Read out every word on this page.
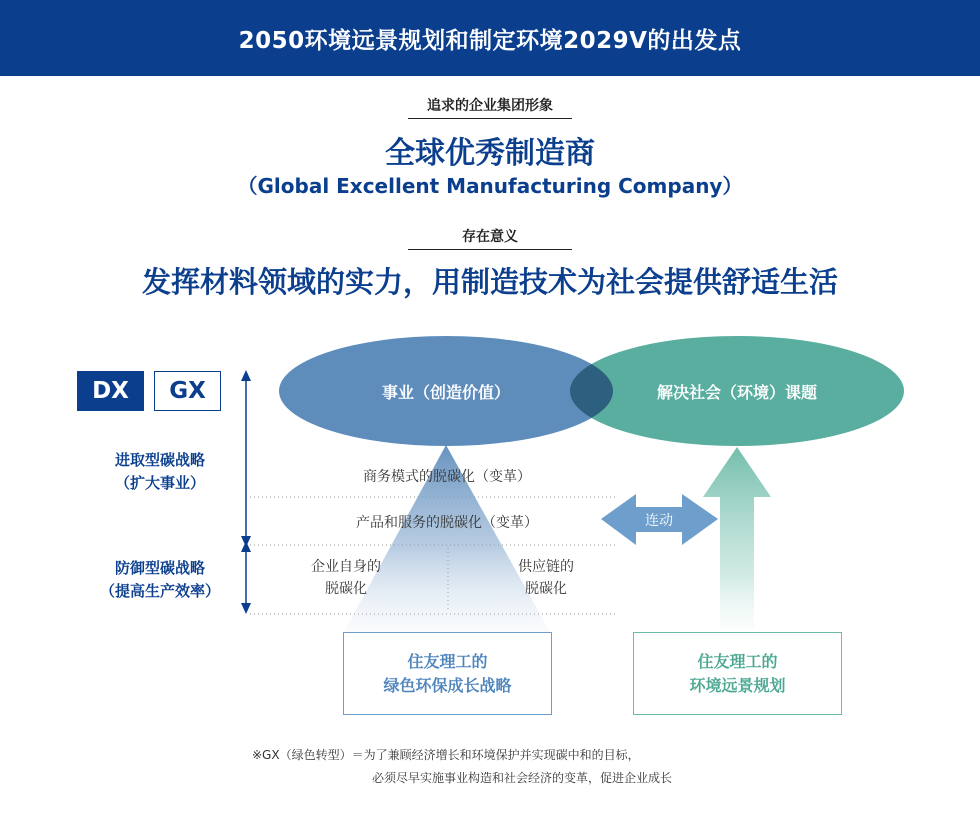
2050环境远景规划和制定环境2029V的出发点
追求的企业集团形象
全球优秀制造商
（Global Excellent Manufacturing Company）
存在意义
发挥材料领域的实力，用制造技术为社会提供舒适生活
DX	GX	事业（创造价值）	解决社会（环境）课题
进取型碳战略
（扩大事业）
防御型碳战略
（提高生产效率）
商务模式的脱碳化（变革）
产品和服务的脱碳化（变革）
企业自身的
脱碳化
供应链的
脱碳化
连动
住友理工的
绿色环保成长战略
住友理工的
环境远景规划
※GX（绿色转型）＝为了兼顾经济增长和环境保护并实现碳中和的目标，
必须尽早实施事业构造和社会经济的变革，促进企业成长
